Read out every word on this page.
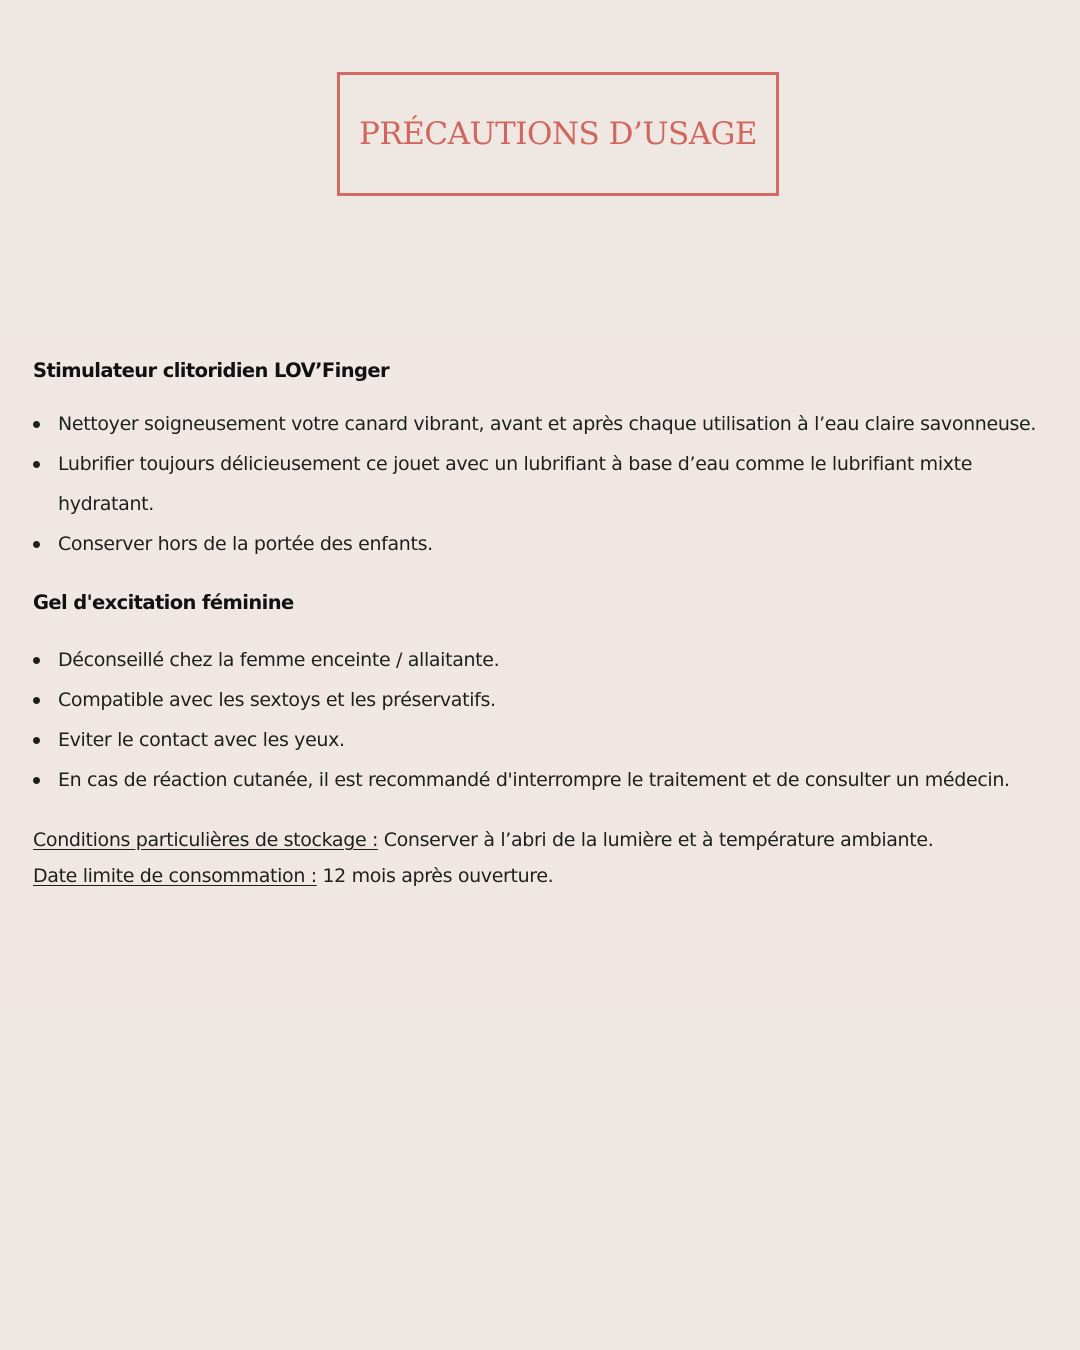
PRÉCAUTIONS D’USAGE
Stimulateur clitoridien LOV’Finger
Nettoyer soigneusement votre canard vibrant, avant et après chaque utilisation à l’eau claire savonneuse.
Lubrifier toujours délicieusement ce jouet avec un lubrifiant à base d’eau comme le lubrifiant mixte hydratant.
Conserver hors de la portée des enfants.
Gel d'excitation féminine
Déconseillé chez la femme enceinte / allaitante.
Compatible avec les sextoys et les préservatifs.
Eviter le contact avec les yeux.
En cas de réaction cutanée, il est recommandé d'interrompre le traitement et de consulter un médecin.
Conditions particulières de stockage : Conserver à l’abri de la lumière et à température ambiante.
Date limite de consommation : 12 mois après ouverture.
